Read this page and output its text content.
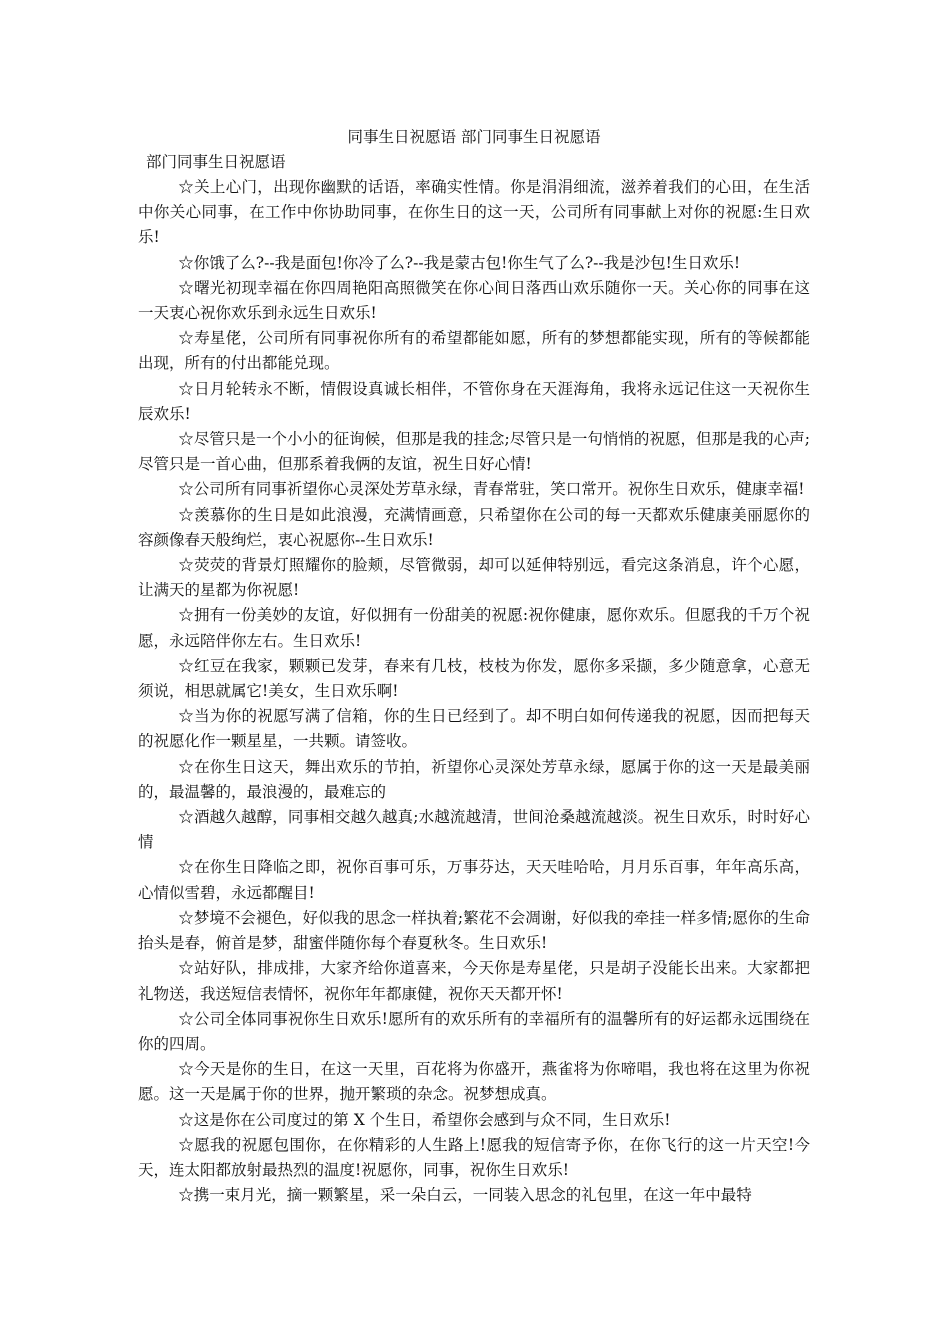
同事生日祝愿语 部门同事生日祝愿语
部门同事生日祝愿语

☆关上心门，出现你幽默的话语，率确实性情。你是涓涓细流，滋养着我们的心田，在生活中你关心同事，在工作中你协助同事，在你生日的这一天，公司所有同事献上对你的祝愿:生日欢乐!

☆你饿了么?--我是面包!你冷了么?--我是蒙古包!你生气了么?--我是沙包!生日欢乐!

☆曙光初现幸福在你四周艳阳高照微笑在你心间日落西山欢乐随你一天。关心你的同事在这一天衷心祝你欢乐到永远生日欢乐!

☆寿星佬，公司所有同事祝你所有的希望都能如愿，所有的梦想都能实现，所有的等候都能出现，所有的付出都能兑现。

☆日月轮转永不断，情假设真诚长相伴，不管你身在天涯海角，我将永远记住这一天祝你生辰欢乐!

☆尽管只是一个小小的征询候，但那是我的挂念;尽管只是一句悄悄的祝愿，但那是我的心声;尽管只是一首心曲，但那系着我俩的友谊，祝生日好心情!

☆公司所有同事祈望你心灵深处芳草永绿，青春常驻，笑口常开。祝你生日欢乐，健康幸福!

☆羡慕你的生日是如此浪漫，充满情画意，只希望你在公司的每一天都欢乐健康美丽愿你的容颜像春天般绚烂，衷心祝愿你--生日欢乐!

☆荧荧的背景灯照耀你的脸颊，尽管微弱，却可以延伸特别远，看完这条消息，许个心愿，让满天的星都为你祝愿!

☆拥有一份美妙的友谊，好似拥有一份甜美的祝愿:祝你健康，愿你欢乐。但愿我的千万个祝愿，永远陪伴你左右。生日欢乐!

☆红豆在我家，颗颗已发芽，春来有几枝，枝枝为你发，愿你多采撷，多少随意拿，心意无须说，相思就属它!美女，生日欢乐啊!

☆当为你的祝愿写满了信箱，你的生日已经到了。却不明白如何传递我的祝愿，因而把每天的祝愿化作一颗星星，一共颗。请签收。

☆在你生日这天，舞出欢乐的节拍，祈望你心灵深处芳草永绿，愿属于你的这一天是最美丽的，最温馨的，最浪漫的，最难忘的

☆酒越久越醇，同事相交越久越真;水越流越清，世间沧桑越流越淡。祝生日欢乐，时时好心情

☆在你生日降临之即，祝你百事可乐，万事芬达，天天哇哈哈，月月乐百事，年年高乐高，心情似雪碧，永远都醒目!

☆梦境不会褪色，好似我的思念一样执着;繁花不会凋谢，好似我的牵挂一样多情;愿你的生命抬头是春，俯首是梦，甜蜜伴随你每个春夏秋冬。生日欢乐!

☆站好队，排成排，大家齐给你道喜来，今天你是寿星佬，只是胡子没能长出来。大家都把礼物送，我送短信表情怀，祝你年年都康健，祝你天天都开怀!

☆公司全体同事祝你生日欢乐!愿所有的欢乐所有的幸福所有的温馨所有的好运都永远围绕在你的四周。

☆今天是你的生日，在这一天里，百花将为你盛开，燕雀将为你啼唱，我也将在这里为你祝愿。这一天是属于你的世界，抛开繁琐的杂念。祝梦想成真。

☆这是你在公司度过的第 X 个生日，希望你会感到与众不同，生日欢乐!

☆愿我的祝愿包围你，在你精彩的人生路上!愿我的短信寄予你，在你飞行的这一片天空!今天，连太阳都放射最热烈的温度!祝愿你，同事，祝你生日欢乐!

☆携一束月光，摘一颗繁星，采一朵白云，一同装入思念的礼包里，在这一年中最特
